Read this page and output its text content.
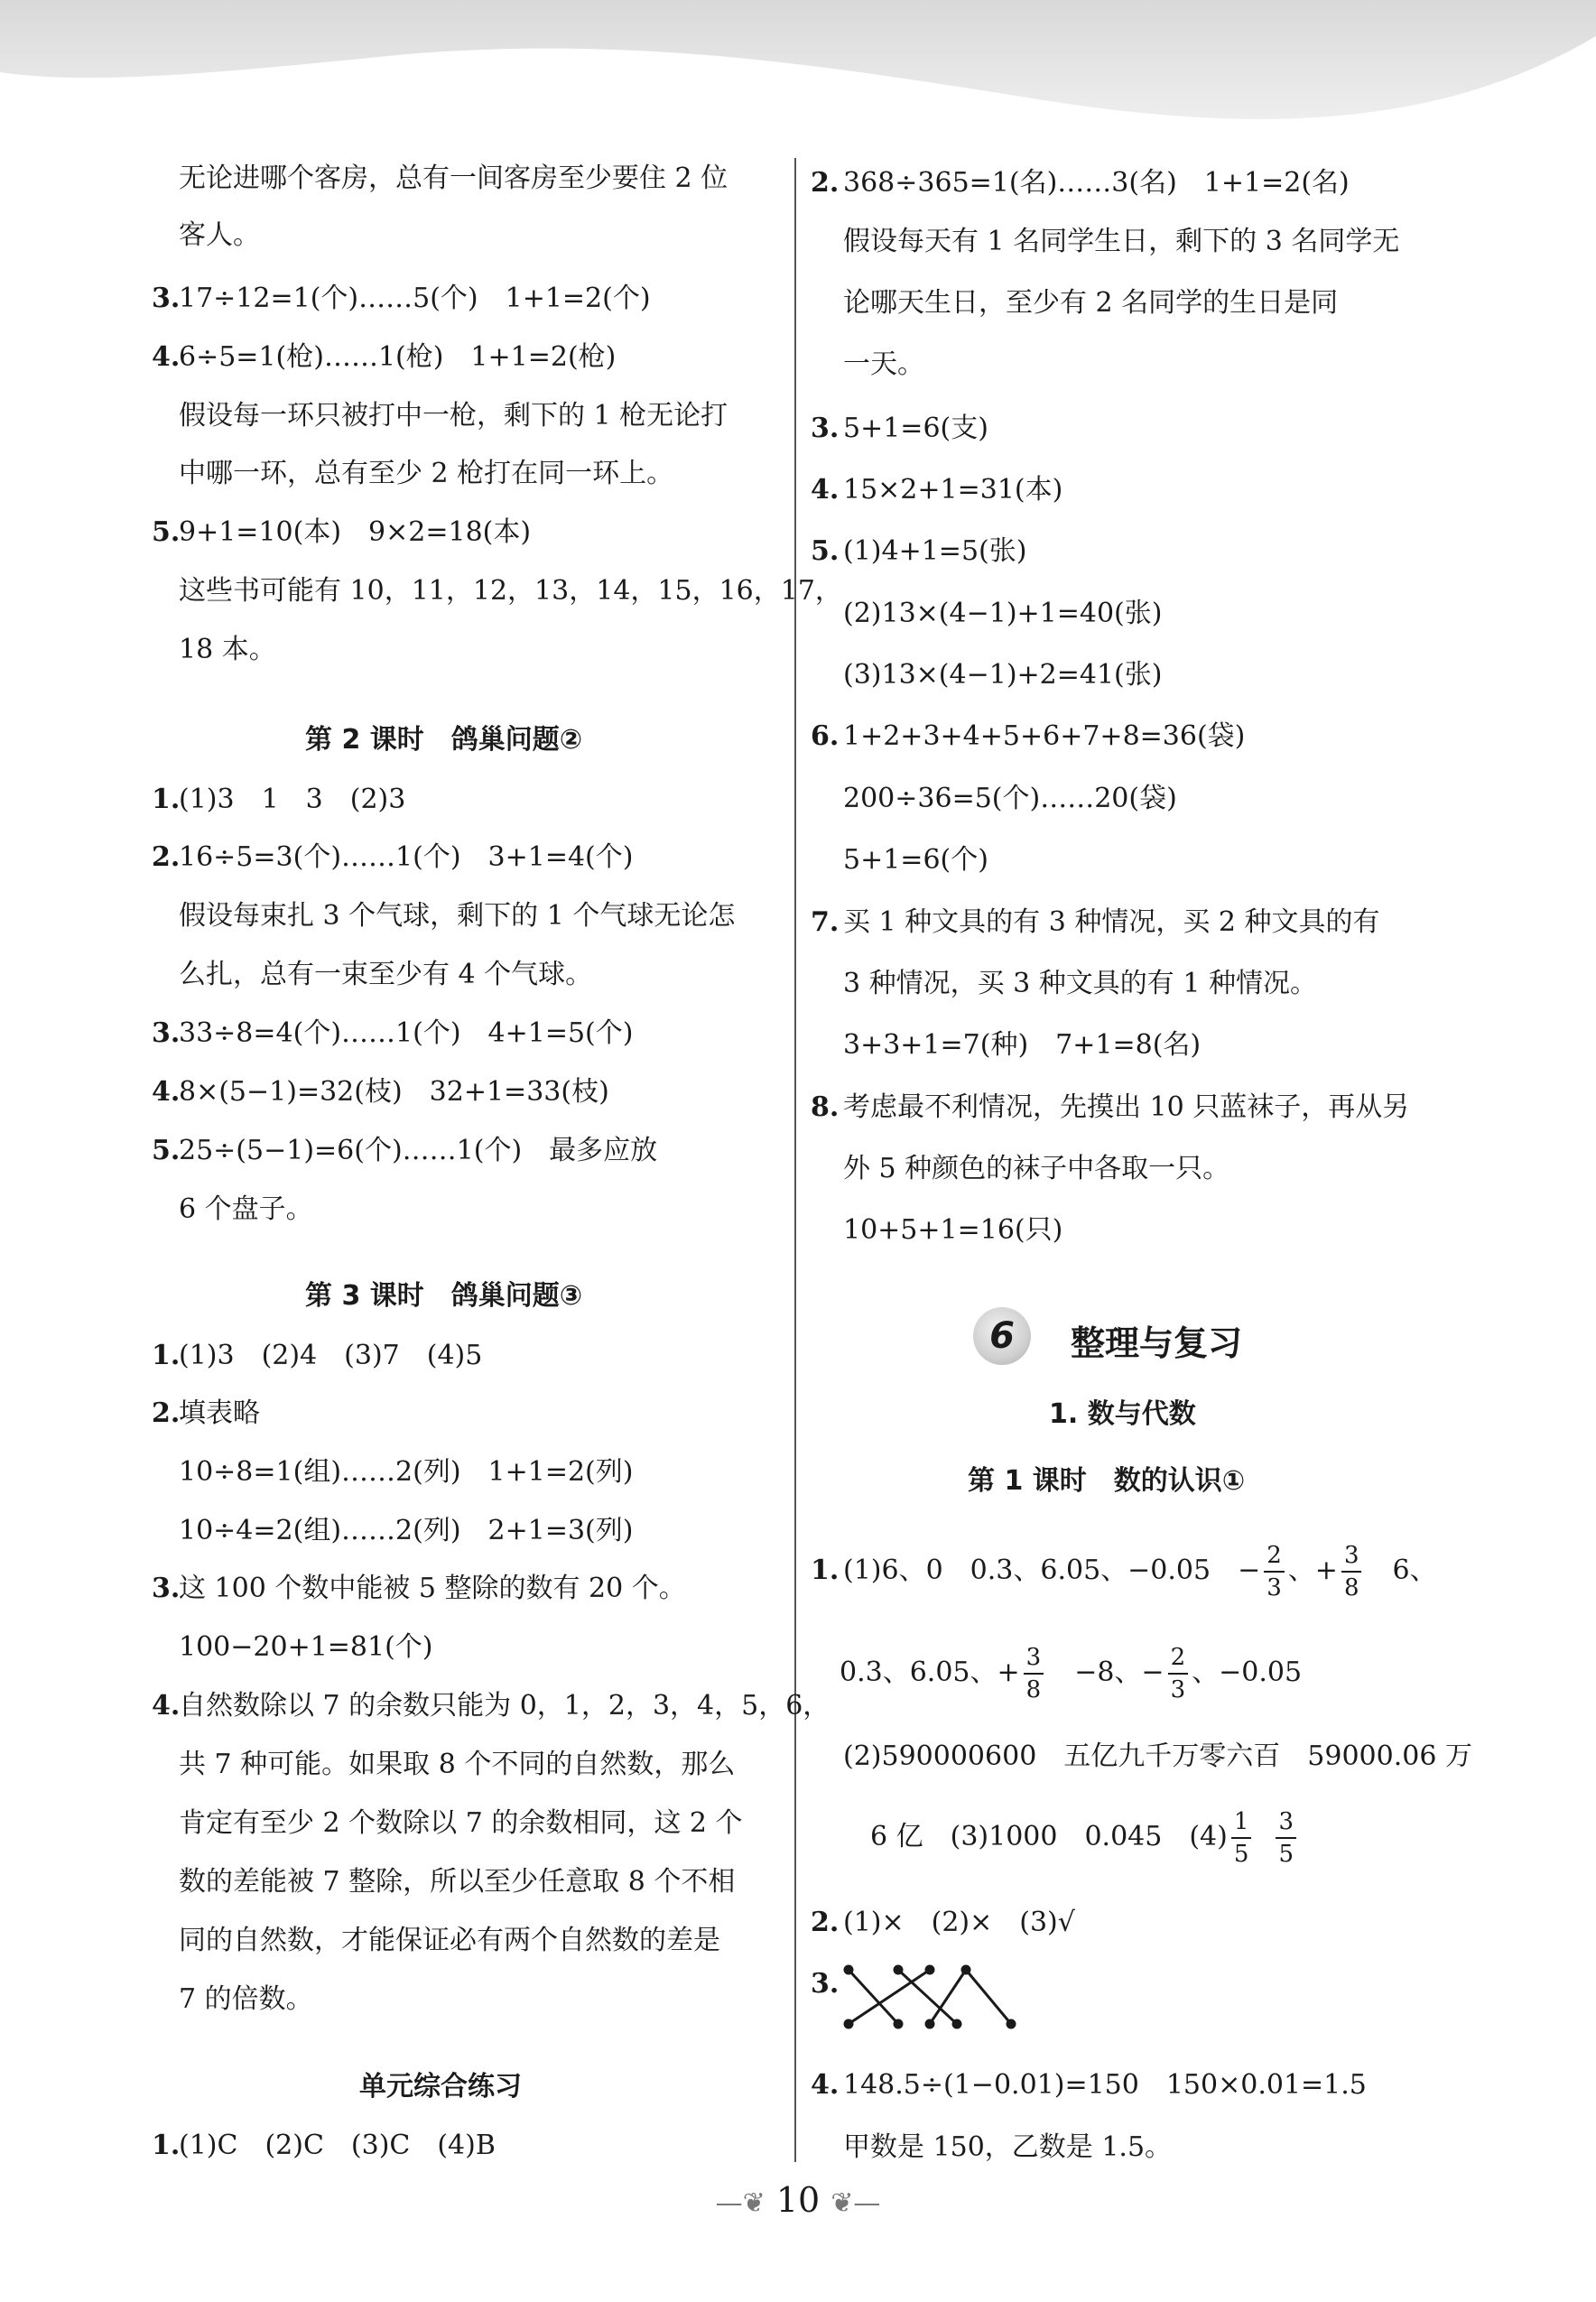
无论进哪个客房，总有一间客房至少要住 2 位
客人。
3.
17÷12=1(个)……5(个)　1+1=2(个)
4.
6÷5=1(枪)……1(枪)　1+1=2(枪)
假设每一环只被打中一枪，剩下的 1 枪无论打
中哪一环，总有至少 2 枪打在同一环上。
5.
9+1=10(本)　9×2=18(本)
这些书可能有 10，11，12，13，14，15，16，17，
18 本。
第 2 课时　鸽巢问题②
1.
(1)3　1　3　(2)3
2.
16÷5=3(个)……1(个)　3+1=4(个)
假设每束扎 3 个气球，剩下的 1 个气球无论怎
么扎，总有一束至少有 4 个气球。
3.
33÷8=4(个)……1(个)　4+1=5(个)
4.
8×(5−1)=32(枝)　32+1=33(枝)
5.
25÷(5−1)=6(个)……1(个)　最多应放
6 个盘子。
第 3 课时　鸽巢问题③
1.
(1)3　(2)4　(3)7　(4)5
2.
填表略
10÷8=1(组)……2(列)　1+1=2(列)
10÷4=2(组)……2(列)　2+1=3(列)
3.
这 100 个数中能被 5 整除的数有 20 个。
100−20+1=81(个)
4.
自然数除以 7 的余数只能为 0，1，2，3，4，5，6，
共 7 种可能。如果取 8 个不同的自然数，那么
肯定有至少 2 个数除以 7 的余数相同，这 2 个
数的差能被 7 整除，所以至少任意取 8 个不相
同的自然数，才能保证必有两个自然数的差是
7 的倍数。
单元综合练习
1.
(1)C　(2)C　(3)C　(4)B
2. 368÷365=1(名)……3(名)　1+1=2(名)
假设每天有 1 名同学生日，剩下的 3 名同学无
论哪天生日，至少有 2 名同学的生日是同
一天。
3. 5+1=6(支)
4. 15×2+1=31(本)
5. (1)4+1=5(张)
(2)13×(4−1)+1=40(张)
(3)13×(4−1)+2=41(张)
6. 1+2+3+4+5+6+7+8=36(袋)
200÷36=5(个)……20(袋)
5+1=6(个)
7. 买 1 种文具的有 3 种情况，买 2 种文具的有
3 种情况，买 3 种文具的有 1 种情况。
3+3+1=7(种)　7+1=8(名)
8. 考虑最不利情况，先摸出 10 只蓝袜子，再从另
外 5 种颜色的袜子中各取一只。
10+5+1=16(只)
6	整理与复习
1. 数与代数
第 1 课时　数的认识①
1. (1)6、0　0.3、6.05、−0.05　− $\frac{2}{3}$ 、+ $\frac{3}{8}$ 　6、
0.3、6.05、+ $\frac{3}{8}$ 　−8、− $\frac{2}{3}$ 、−0.05
(2)590000600　五亿九千万零六百　59000.06 万
6 亿　(3)1000　0.045　$(4) \frac{1}{5}$
$\frac{3}{5}$
2. (1)×　(2)×　(3)√
3.
4. 148.5÷(1−0.01)=150　150×0.01=1.5
甲数是 150，乙数是 1.5。
—❦ 10 ❦—
